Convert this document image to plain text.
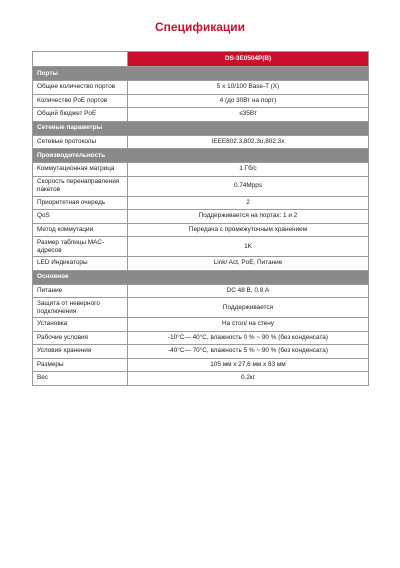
Спецификации
	DS-3E0504P(B)
Порты	
Общее количество портов	5 x 10/100 Base-T (X)
Количество PoE портов	4 (до 30Вт на порт)
Общий бюджет PoE	≤35Вт
Сетевые параметры	
Сетевые протоколы	IEEE802.3,802.3u,802.3x
Производительность	
Коммутационная матрица	1 Гб/с
Скорость перенаправления пакетов	0.74Mpps
Приоритетная очередь	2
QoS	Поддерживается на портах: 1 и 2
Метод коммутации	Передача с промежуточным хранением
Размер таблицы MAC-адресов	1K
LED Индикаторы	Link/ Act, PoE, Питание
Основное	
Питание	DC 48 В, 0.8 А
Защита от неверного подключения	Поддерживается
Установка	На стол/ на стену
Рабочие условия	-10°C— 40°C, влажность 0 % ~ 90 % (без конденсата)
Условия хранения	-40°C— 70°C, влажность 5 % ~ 90 % (без конденсата)
Размеры	105 мм x 27,6 мм x 83 мм
Вес	0.2кг
